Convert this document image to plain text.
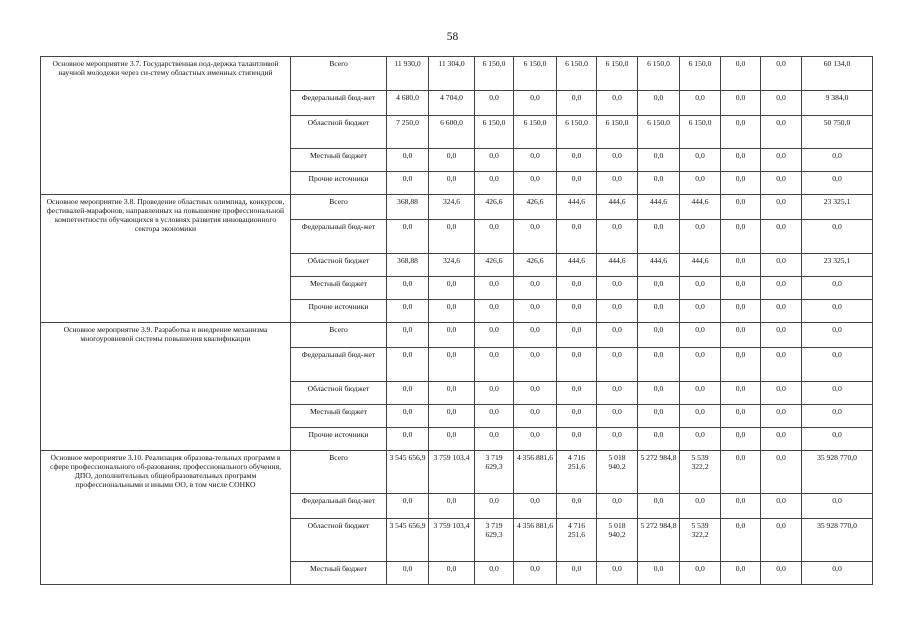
58
Основное мероприятие 3.7. Государственная под-держка талантливой научной молодежи через си-стему областных именных стипендий	Всего	11 930,0	11 304,0	6 150,0	6 150,0	6 150,0	6 150,0	6 150,0	6 150,0	0,0	0,0	60 134,0
	Федеральный бюд-жет	4 680,0	4 704,0	0,0	0,0	0,0	0,0	0,0	0,0	0,0	0,0	9 384,0
	Областной бюджет	7 250,0	6 600,0	6 150,0	6 150,0	6 150,0	6 150,0	6 150,0	6 150,0	0,0	0,0	50 750,0
	Местный бюджет	0,0	0,0	0,0	0,0	0,0	0,0	0,0	0,0	0,0	0,0	0,0
	Прочие источники	0,0	0,0	0,0	0,0	0,0	0,0	0,0	0,0	0,0	0,0	0,0
Основное мероприятие 3.8. Проведение областных олимпиад, конкурсов, фестивалей-марафонов, направленных на повышение профессиональной компетентности обучающихся в условиях развития инновационного сектора экономики	Всего	368,88	324,6	426,6	426,6	444,6	444,6	444,6	444,6	0,0	0,0	23 325,1
	Федеральный бюд-жет	0,0	0,0	0,0	0,0	0,0	0,0	0,0	0,0	0,0	0,0	0,0
	Областной бюджет	368,88	324,6	426,6	426,6	444,6	444,6	444,6	444,6	0,0	0,0	23 325,1
	Местный бюджет	0,0	0,0	0,0	0,0	0,0	0,0	0,0	0,0	0,0	0,0	0,0
	Прочие источники	0,0	0,0	0,0	0,0	0,0	0,0	0,0	0,0	0,0	0,0	0,0
Основное мероприятие 3.9. Разработка и внедрение механизма многоуровневой системы повышения квалификации	Всего	0,0	0,0	0,0	0,0	0,0	0,0	0,0	0,0	0,0	0,0	0,0
	Федеральный бюд-жет	0,0	0,0	0,0	0,0	0,0	0,0	0,0	0,0	0,0	0,0	0,0
	Областной бюджет	0,0	0,0	0,0	0,0	0,0	0,0	0,0	0,0	0,0	0,0	0,0
	Местный бюджет	0,0	0,0	0,0	0,0	0,0	0,0	0,0	0,0	0,0	0,0	0,0
	Прочие источники	0,0	0,0	0,0	0,0	0,0	0,0	0,0	0,0	0,0	0,0	0,0
Основное мероприятие 3.10. Реализация образова-тельных программ в сфере профессионального об-разования, профессионального обучения, ДПО, дополнительных общеобразовательных программ профессиональными и иными ОО, в том числе СОНКО	Всего	3 545 656,9	3 759 103,4	3 719 629,3	4 356 881,6	4 716 251,6	5 018 940,2	5 272 984,8	5 539 322,2	0,0	0,0	35 928 770,0
	Федеральный бюд-жет	0,0	0,0	0,0	0,0	0,0	0,0	0,0	0,0	0,0	0,0	0,0
	Областной бюджет	3 545 656,9	3 759 103,4	3 719 629,3	4 356 881,6	4 716 251,6	5 018 940,2	5 272 984,8	5 539 322,2	0,0	0,0	35 928 770,0
	Местный бюджет	0,0	0,0	0,0	0,0	0,0	0,0	0,0	0,0	0,0	0,0	0,0
